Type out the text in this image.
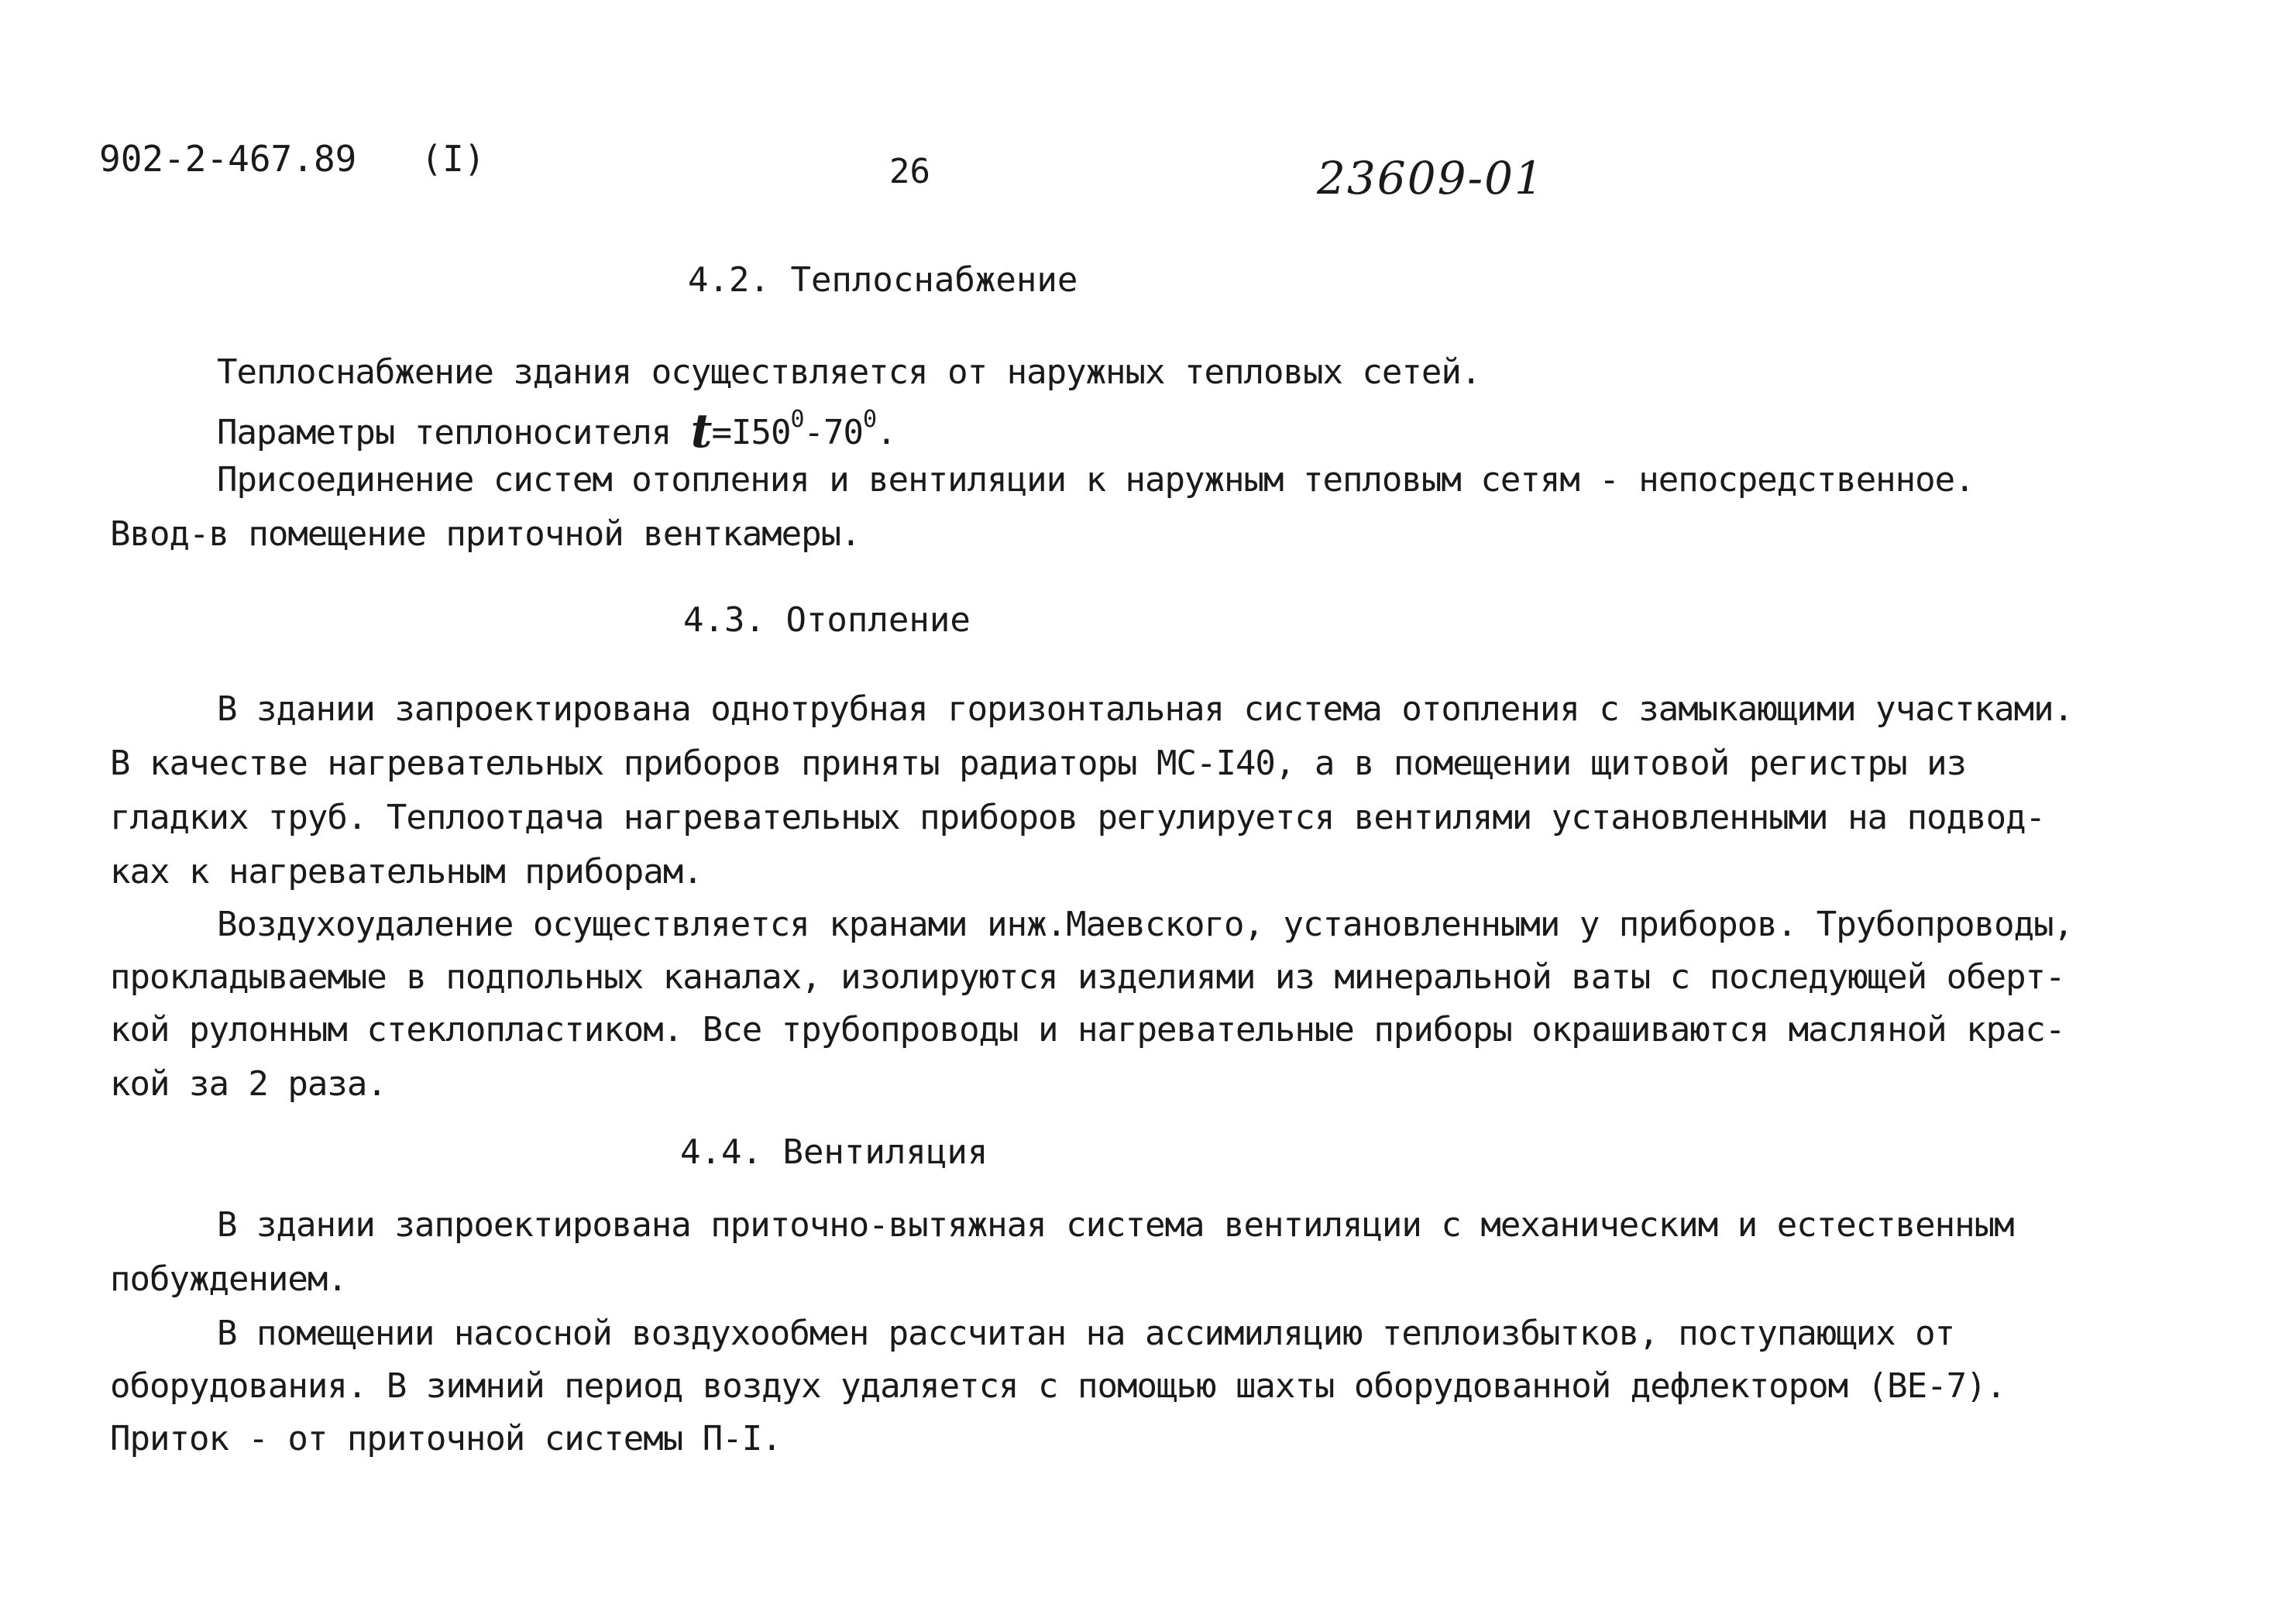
902-2-467.89   (I)	26	23609-01
4.2. Теплоснабжение
Теплоснабжение здания осуществляется от наружных тепловых сетей.
Параметры теплоносителя $t=I50^0-70^0$.
Присоединение систем отопления и вентиляции к наружным тепловым сетям - непосредственное.
Ввод-в помещение приточной венткамеры.
4.3. Отопление
В здании запроектирована однотрубная горизонтальная система отопления с замыкающими участками.
В качестве нагревательных приборов приняты радиаторы МС-I40, а в помещении щитовой регистры из
гладких труб. Теплоотдача нагревательных приборов регулируется вентилями установленными на подвод-
ках к нагревательным приборам.
Воздухоудаление осуществляется кранами инж.Маевского, установленными у приборов. Трубопроводы,
прокладываемые в подпольных каналах, изолируются изделиями из минеральной ваты с последующей оберт-
кой рулонным стеклопластиком. Все трубопроводы и нагревательные приборы окрашиваются масляной крас-
кой за 2 раза.
4.4. Вентиляция
В здании запроектирована приточно-вытяжная система вентиляции с механическим и естественным
побуждением.
В помещении насосной воздухообмен рассчитан на ассимиляцию теплоизбытков, поступающих от
оборудования. В зимний период воздух удаляется с помощью шахты оборудованной дефлектором (ВЕ-7).
Приток - от приточной системы П-I.
